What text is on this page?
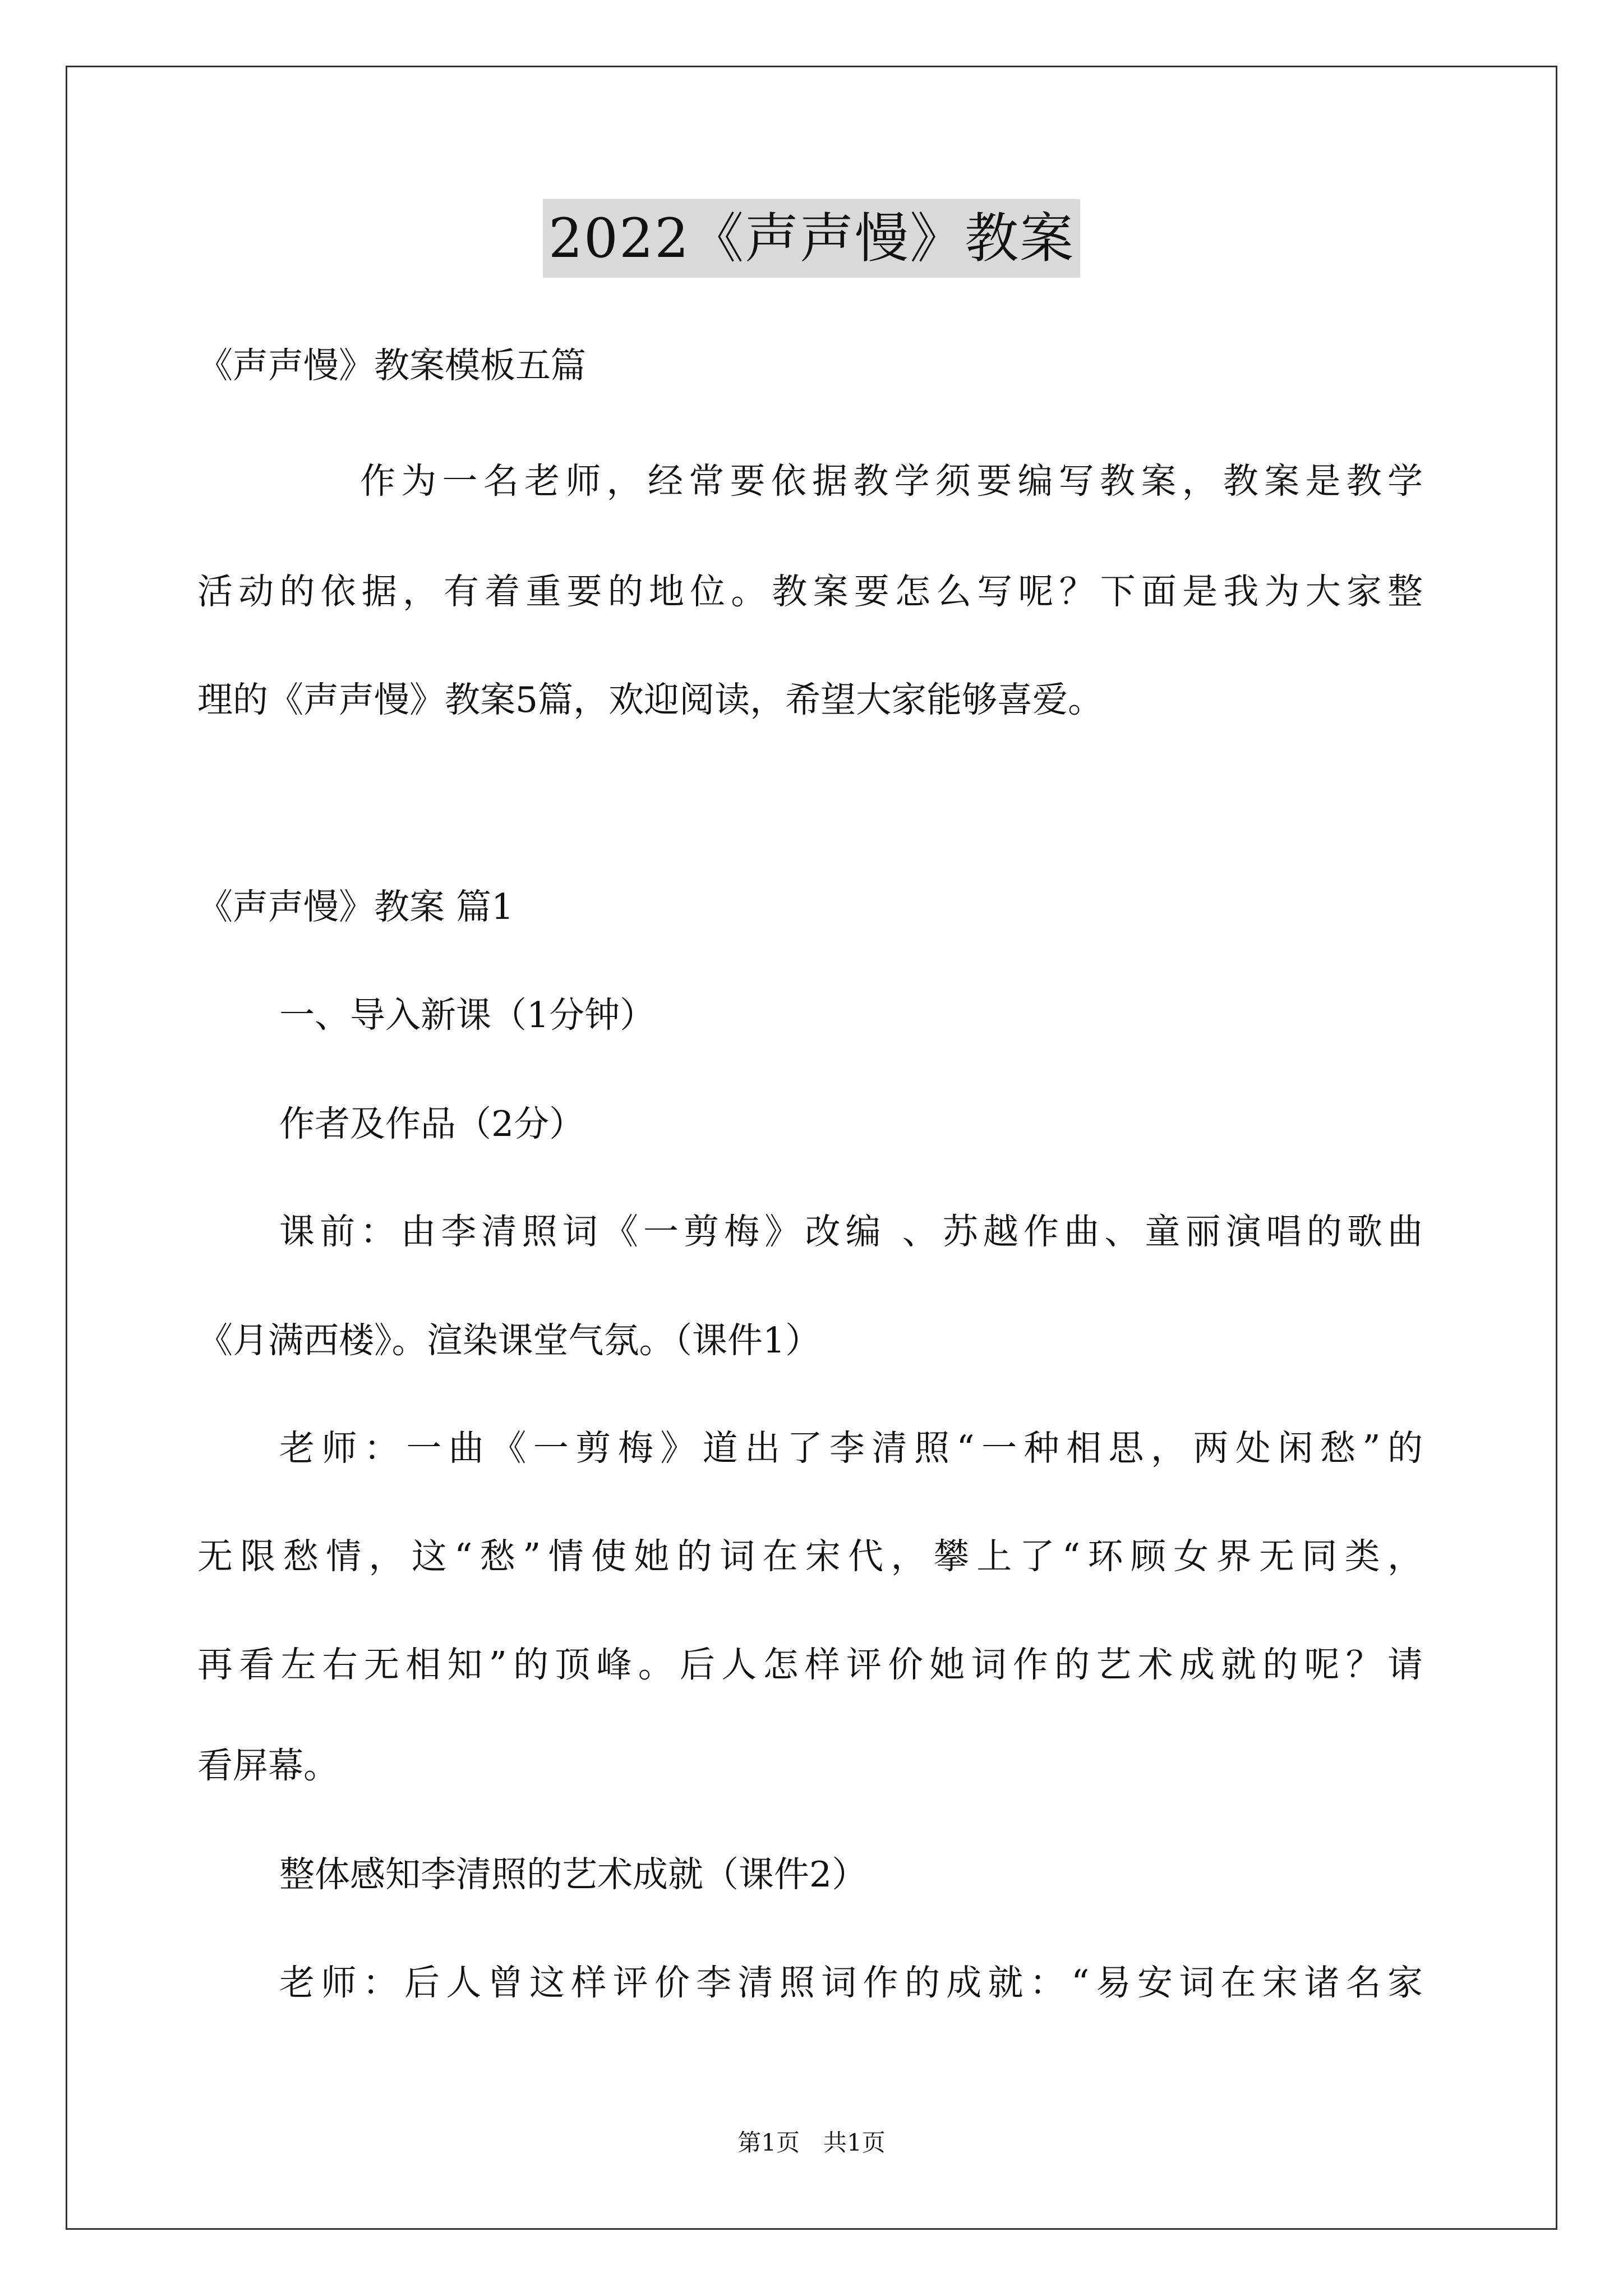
2022《声声慢》教案
《声声慢》教案模板五篇
作为一名老师，经常要依据教学须要编写教案，教案是教学
活动的依据，有着重要的地位。教案要怎么写呢？下面是我为大家整
理的《声声慢》教案5篇，欢迎阅读，希望大家能够喜爱。
《声声慢》教案 篇1
一、导入新课（1分钟）
作者及作品（2分）
课前：由李清照词《一剪梅》改编 、苏越作曲、童丽演唱的歌曲
《月满西楼》。渲染课堂气氛。（课件1）
老师：一曲《一剪梅》道出了李清照“一种相思，两处闲愁”的
无限愁情，这“愁”情使她的词在宋代，攀上了“环顾女界无同类，
再看左右无相知”的顶峰。后人怎样评价她词作的艺术成就的呢？请
看屏幕。
整体感知李清照的艺术成就（课件2）
老师：后人曾这样评价李清照词作的成就：“易安词在宋诸名家
第1页　共1页
